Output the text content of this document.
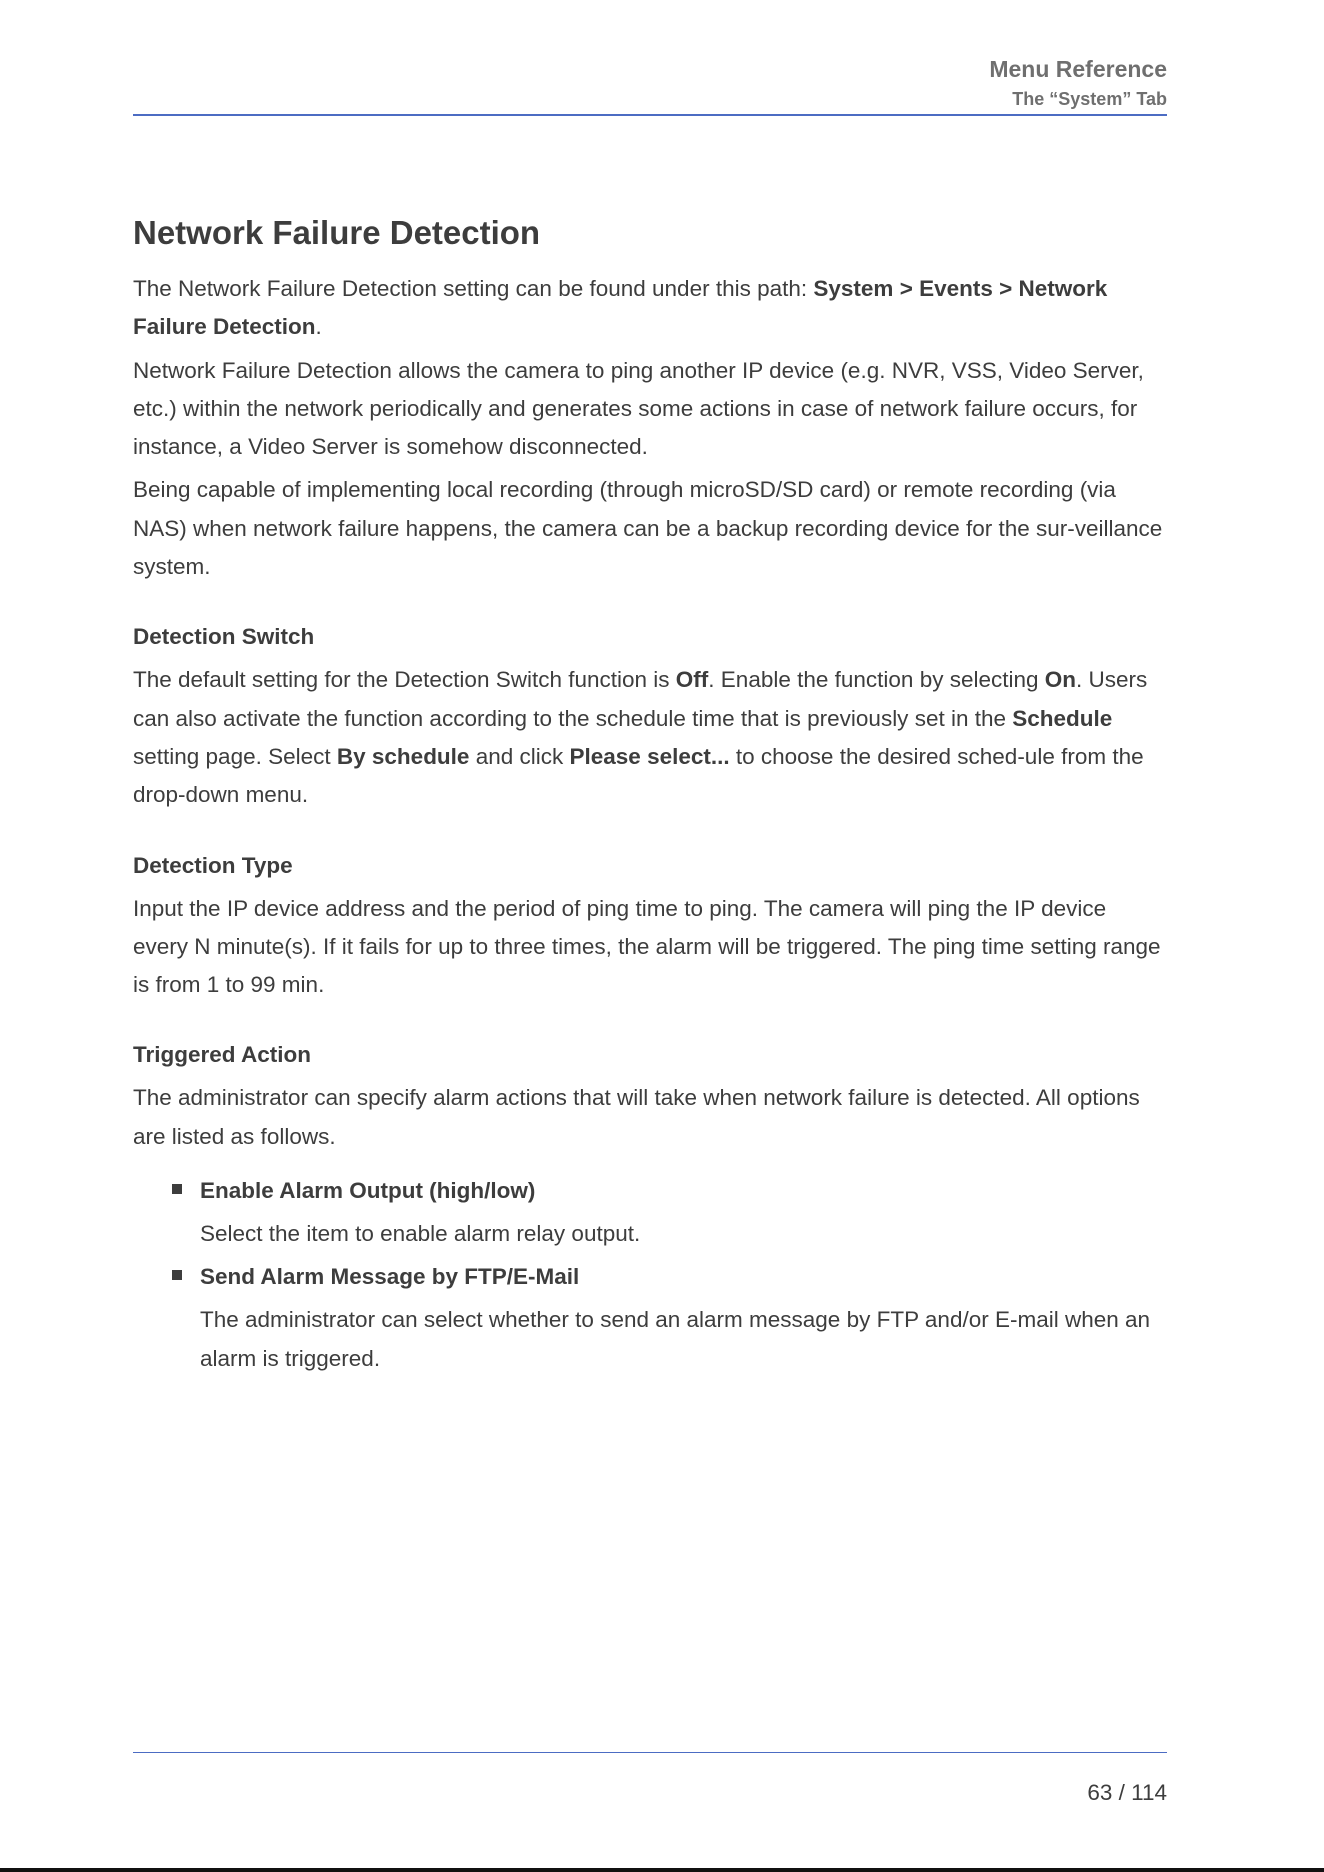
Menu Reference
The “System” Tab
Network Failure Detection

The Network Failure Detection setting can be found under this path: System > Events > Network Failure Detection.

Network Failure Detection allows the camera to ping another IP device (e.g. NVR, VSS, Video Server, etc.) within the network periodically and generates some actions in case of network failure occurs, for instance, a Video Server is somehow disconnected.

Being capable of implementing local recording (through microSD/SD card) or remote recording (via NAS) when network failure happens, the camera can be a backup recording device for the sur-veillance system.

Detection Switch

The default setting for the Detection Switch function is Off. Enable the function by selecting On. Users can also activate the function according to the schedule time that is previously set in the Schedule setting page. Select By schedule and click Please select... to choose the desired sched-ule from the drop-down menu.

Detection Type

Input the IP device address and the period of ping time to ping. The camera will ping the IP device every N minute(s). If it fails for up to three times, the alarm will be triggered. The ping time setting range is from 1 to 99 min.

Triggered Action

The administrator can specify alarm actions that will take when network failure is detected. All options are listed as follows.

Enable Alarm Output (high/low)

Select the item to enable alarm relay output.

Send Alarm Message by FTP/E-Mail

The administrator can select whether to send an alarm message by FTP and/or E-mail when an alarm is triggered.

63 / 114
